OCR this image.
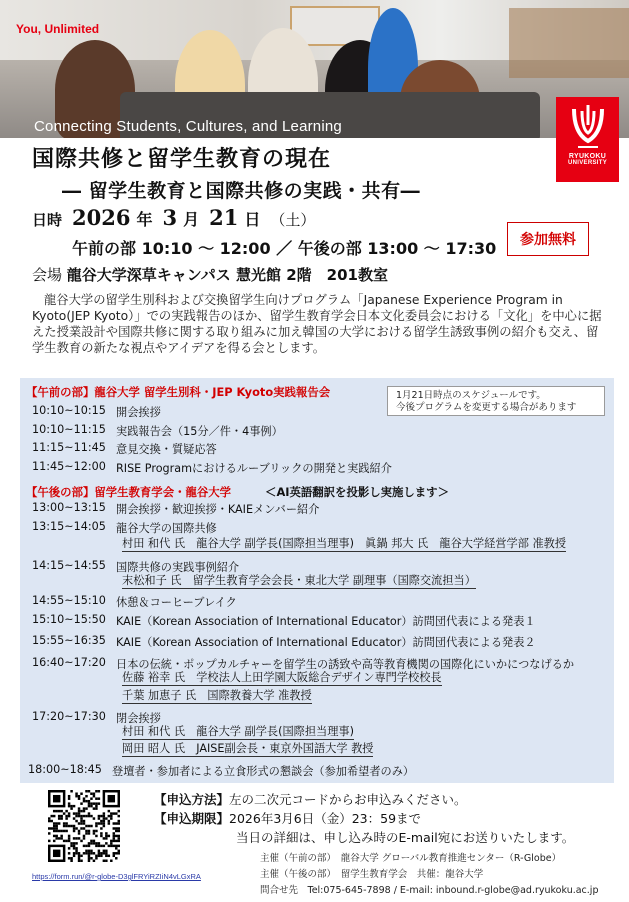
Connecting Students, Cultures, and Learning
You, Unlimited
RYUKOKU
UNIVERSITY
国際共修と留学生教育の現在
― 留学生教育と国際共修の実践・共有―
日時 2026 年 3 月 21 日 （土）
午前の部 10:10 ～ 12:00 ／ 午後の部 13:00 ～ 17:30	参加無料
会場 龍谷大学深草キャンパス 慧光館 2階　201教室
龍谷大学の留学生別科および交換留学生向けプログラム「Japanese Experience Program in Kyoto(JEP Kyoto）」での実践報告のほか、留学生教育学会日本文化委員会における「文化」を中心に据えた授業設計や国際共修に関する取り組みに加え韓国の大学における留学生誘致事例の紹介も交え、留学生教育の新たな視点やアイデアを得る会とします。
1月21日時点のスケジュールです。
今後プログラムを変更する場合があります
【午前の部】龍谷大学 留学生別科・JEP Kyoto実践報告会
10:10~10:15 開会挨拶
10:10~11:15 実践報告会（15分／件・4事例）
11:15~11:45 意見交換・質疑応答
11:45~12:00 RISE Programにおけるルーブリックの開発と実践紹介
【午後の部】留学生教育学会・龍谷大学	＜AI英語翻訳を投影し実施します＞
13:00~13:15 開会挨拶・歓迎挨拶・KAIEメンバー紹介
13:15~14:05 龍谷大学の国際共修
村田 和代 氏　龍谷大学 副学長(国際担当理事)　眞鍋 邦大 氏　龍谷大学経営学部 准教授
14:15~14:55 国際共修の実践事例紹介
末松和子 氏　留学生教育学会会長・東北大学 副理事（国際交流担当）
14:55~15:10 休憩＆コーヒーブレイク
15:10~15:50 KAIE（Korean Association of International Educator）訪問団代表による発表１
15:55~16:35 KAIE（Korean Association of International Educator）訪問団代表による発表２
16:40~17:20 日本の伝統・ポップカルチャーを留学生の誘致や高等教育機関の国際化にいかにつなげるか
佐藤 裕幸 氏　学校法人上田学園大阪総合デザイン専門学校校長
千葉 加恵子 氏　国際教養大学 准教授
17:20~17:30 閉会挨拶
村田 和代 氏　龍谷大学 副学長(国際担当理事)
岡田 昭人 氏　JAISE副会長・東京外国語大学 教授
18:00~18:45 登壇者・参加者による立食形式の懇談会（参加希望者のみ）
https://form.run/@r-globe-D3glFRYiRZIiN4vLGxRA
【申込方法】左の二次元コードからお申込みください。
【申込期限】2026年3月6日（金）23：59まで
当日の詳細は、申し込み時のE-mail宛にお送りいたします。
主催（午前の部）　龍谷大学 グローバル教育推進センター（R-Globe）
主催（午後の部）　留学生教育学会　共催：龍谷大学
問合せ先　Tel:075-645-7898 / E-mail: inbound.r-globe@ad.ryukoku.ac.jp
